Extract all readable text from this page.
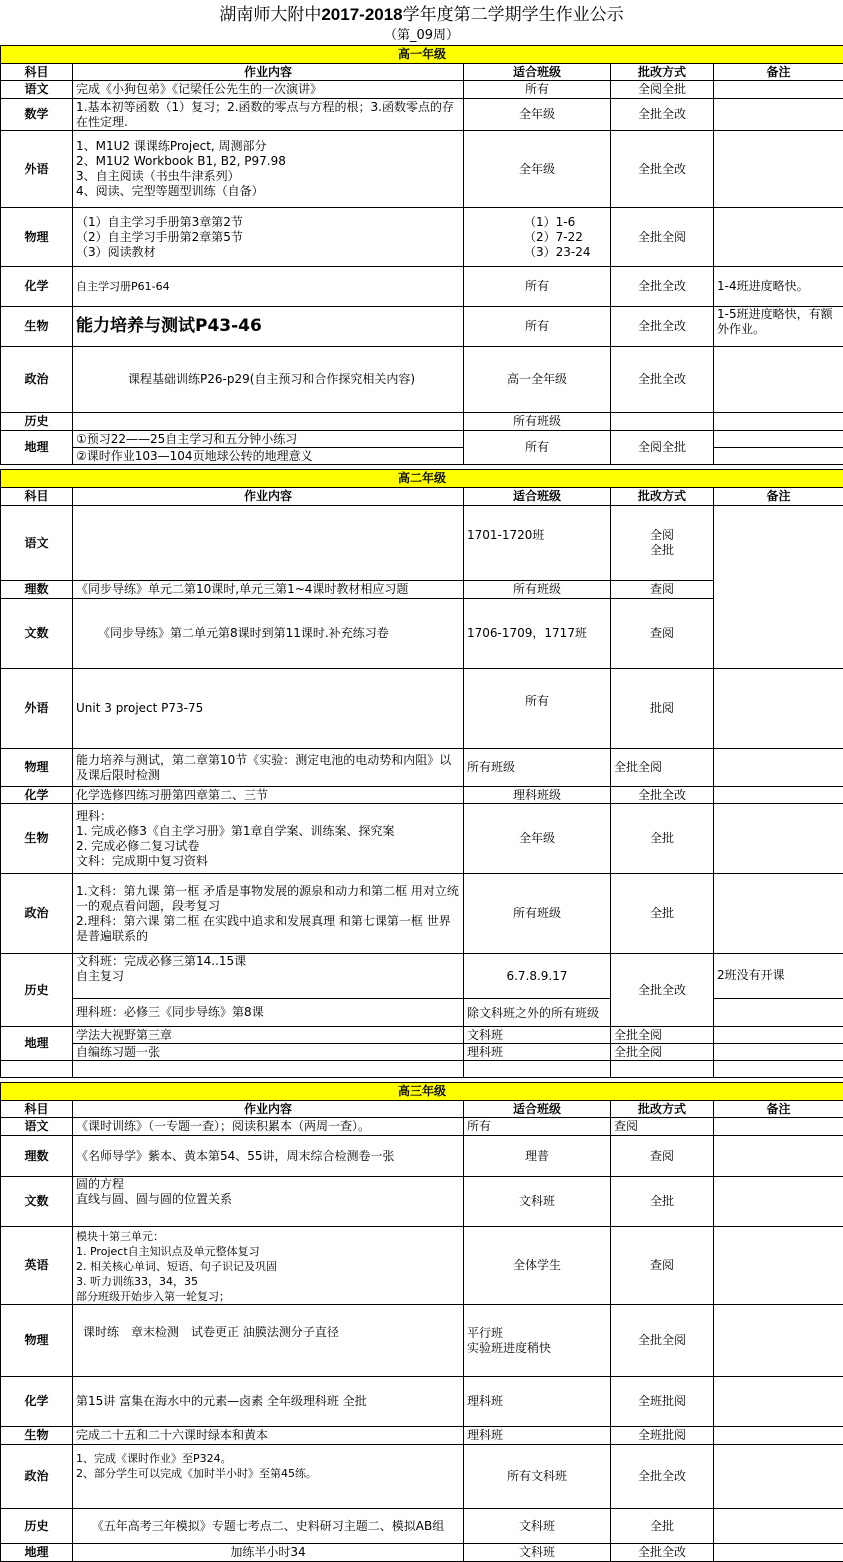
湖南师大附中2017-2018学年度第二学期学生作业公示
（第_09周）
高一年级				
科目	作业内容	适合班级	批改方式	备注
语文	完成《小狗包弟》《记梁任公先生的一次演讲》	所有	全阅全批	
数学	1.基本初等函数（1）复习；2.函数的零点与方程的根；3.函数零点的存在性定理.	全年级	全批全改	
外语	1、M1U2 课课练Project, 周测部分
2、M1U2 Workbook B1, B2, P97.98
3、自主阅读（书虫牛津系列）
4、阅读、完型等题型训练（自备）	全年级	全批全改	
物理	（1）自主学习手册第3章第2节
（2）自主学习手册第2章第5节
（3）阅读教材	（1）1-6
（2）7-22
（3）23-24	全批全阅	
化学	自主学习册P61-64	所有	全批全改	1-4班进度略快。
生物	能力培养与测试P43-46	所有	全批全改	1-5班进度略快，有额外作业。
政治	课程基础训练P26-p29(自主预习和合作探究相关内容)	高一全年级	全批全改	
历史		所有班级		
地理	①预习22——25自主学习和五分钟小练习	所有	全阅全批	
	②课时作业103—104页地球公转的地理意义			
高二年级				
科目	作业内容	适合班级	批改方式	备注
语文		1701-1720班	全阅
全批	
理数	《同步导练》单元二第10课时,单元三第1~4课时教材相应习题	所有班级	查阅	
文数	《同步导练》第二单元第8课时到第11课时.补充练习卷	1706-1709，1717班	查阅	
外语	Unit 3 project P73-75	所有	批阅	
物理	能力培养与测试，第二章第10节《实验：测定电池的电动势和内阻》以及课后限时检测	所有班级	全批全阅	
化学	化学选修四练习册第四章第二、三节	理科班级	全批全改	
生物	理科：
1. 完成必修3《自主学习册》第1章自学案、训练案、探究案
2. 完成必修二复习试卷
文科：完成期中复习资料	全年级	全批	
政治	1.文科：第九课 第一框 矛盾是事物发展的源泉和动力和第二框 用对立统一的观点看问题，段考复习
2.理科：第六课 第二框 在实践中追求和发展真理 和第七课第一框 世界是普遍联系的	所有班级	全批	
历史	文科班：完成必修三第14..15课
自主复习	6.7.8.9.17	全批全改	2班没有开课
	理科班：必修三《同步导练》第8课	除文科班之外的所有班级		
地理	学法大视野第三章	文科班	全批全阅	
	自编练习题一张	理科班	全批全阅	

高三年级				
科目	作业内容	适合班级	批改方式	备注
语文	《课时训练》（一专题一查）；阅读积累本（两周一查）。	所有	查阅	
理数	《名师导学》紫本、黄本第54、55讲，周末综合检测卷一张	理普	查阅	
文数	圆的方程
直线与圆、圆与圆的位置关系	文科班	全批	
英语	模块十第三单元：
1. Project自主知识点及单元整体复习
2. 相关核心单词、短语、句子识记及巩固
3. 听力训练33，34，35
部分班级开始步入第一轮复习；	全体学生	查阅	
物理	课时练　章末检测　试卷更正 油膜法测分子直径	平行班
实验班进度稍快	全批全阅	
化学	第15讲 富集在海水中的元素—卤素 全年级理科班 全批	理科班	全班批阅	
生物	完成二十五和二十六课时绿本和黄本	理科班	全班批阅	
政治	1、完成《课时作业》至P324。
2、部分学生可以完成《加时半小时》至第45练。	所有文科班	全批全改	
历史	《五年高考三年模拟》专题七考点二、史料研习主题二、模拟AB组	文科班	全批	
地理	加练半小时34	文科班	全批全改	
